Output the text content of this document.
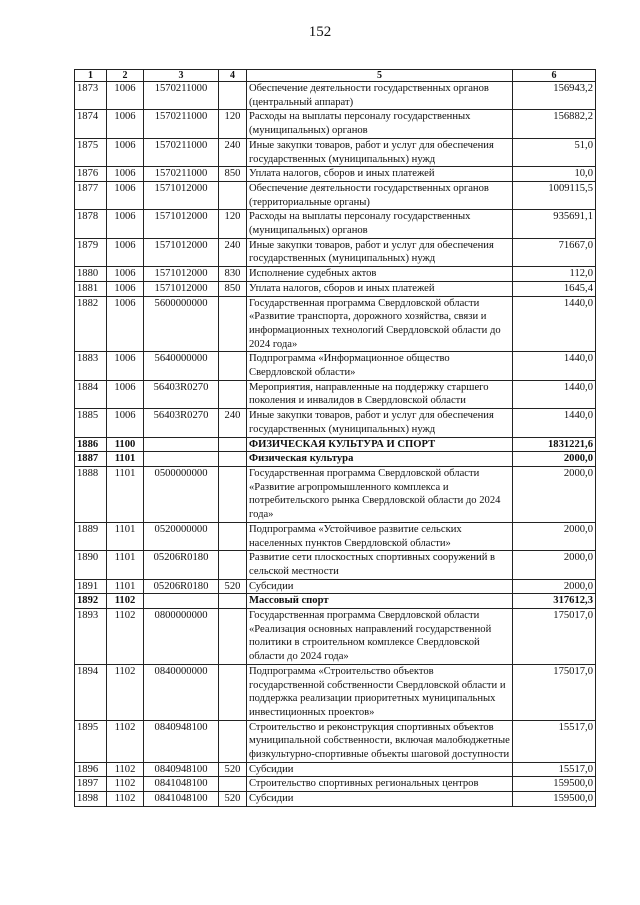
152
1	2	3	4	5	6
1873	1006	1570211000		Обеспечение деятельности государственных органов (центральный аппарат)	156943,2
1874	1006	1570211000	120	Расходы на выплаты персоналу государственных (муниципальных) органов	156882,2
1875	1006	1570211000	240	Иные закупки товаров, работ и услуг для обеспечения государственных (муниципальных) нужд	51,0
1876	1006	1570211000	850	Уплата налогов, сборов и иных платежей	10,0
1877	1006	1571012000		Обеспечение деятельности государственных органов (территориальные органы)	1009115,5
1878	1006	1571012000	120	Расходы на выплаты персоналу государственных (муниципальных) органов	935691,1
1879	1006	1571012000	240	Иные закупки товаров, работ и услуг для обеспечения государственных (муниципальных) нужд	71667,0
1880	1006	1571012000	830	Исполнение судебных актов	112,0
1881	1006	1571012000	850	Уплата налогов, сборов и иных платежей	1645,4
1882	1006	5600000000		Государственная программа Свердловской области «Развитие транспорта, дорожного хозяйства, связи и информационных технологий Свердловской области до 2024 года»	1440,0
1883	1006	5640000000		Подпрограмма «Информационное общество Свердловской области»	1440,0
1884	1006	56403R0270		Мероприятия, направленные на поддержку старшего поколения и инвалидов в Свердловской области	1440,0
1885	1006	56403R0270	240	Иные закупки товаров, работ и услуг для обеспечения государственных (муниципальных) нужд	1440,0
1886	1100			ФИЗИЧЕСКАЯ КУЛЬТУРА И СПОРТ	1831221,6
1887	1101			Физическая культура	2000,0
1888	1101	0500000000		Государственная программа Свердловской области «Развитие агропромышленного комплекса и потребительского рынка Свердловской области до 2024 года»	2000,0
1889	1101	0520000000		Подпрограмма «Устойчивое развитие сельских населенных пунктов Свердловской области»	2000,0
1890	1101	05206R0180		Развитие сети плоскостных спортивных сооружений в сельской местности	2000,0
1891	1101	05206R0180	520	Субсидии	2000,0
1892	1102			Массовый спорт	317612,3
1893	1102	0800000000		Государственная программа Свердловской области «Реализация основных направлений государственной политики в строительном комплексе Свердловской области до 2024 года»	175017,0
1894	1102	0840000000		Подпрограмма «Строительство объектов государственной собственности Свердловской области и поддержка реализации приоритетных муниципальных инвестиционных проектов»	175017,0
1895	1102	0840948100		Строительство и реконструкция спортивных объектов муниципальной собственности, включая малобюджетные физкультурно-спортивные объекты шаговой доступности	15517,0
1896	1102	0840948100	520	Субсидии	15517,0
1897	1102	0841048100		Строительство спортивных региональных центров	159500,0
1898	1102	0841048100	520	Субсидии	159500,0
